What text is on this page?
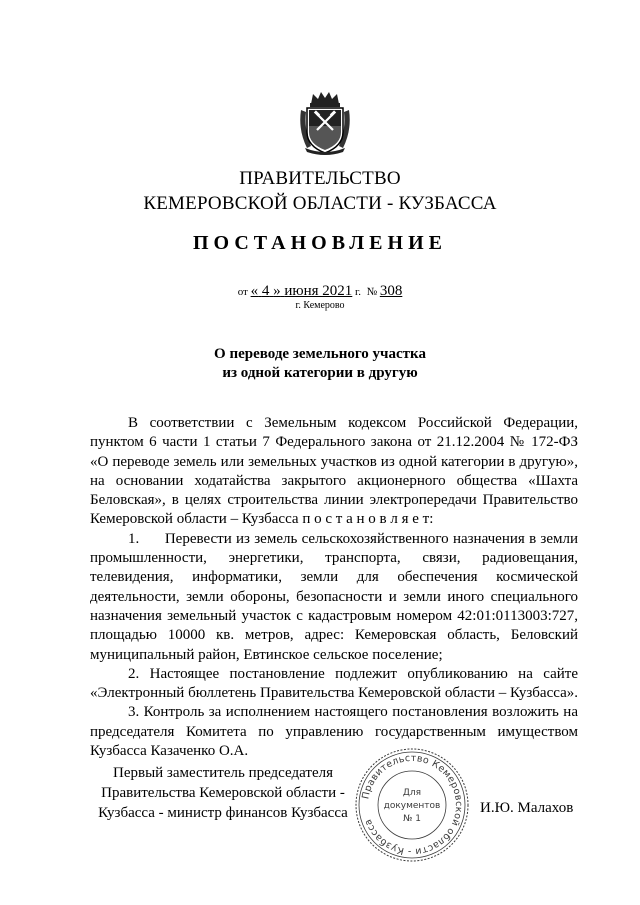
ПРАВИТЕЛЬСТВО
КЕМЕРОВСКОЙ ОБЛАСТИ - КУЗБАССА
ПОСТАНОВЛЕНИЕ
от « 4 » июня 2021 г. № 308
г. Кемерово
О переводе земельного участка
из одной категории в другую

В соответствии с Земельным кодексом Российской Федерации, пунктом 6 части 1 статьи 7 Федерального закона от 21.12.2004 № 172-ФЗ «О переводе земель или земельных участков из одной категории в другую», на основании ходатайства закрытого акционерного общества «Шахта Беловская», в целях строительства линии электропередачи Правительство Кемеровской области – Кузбасса п о с т а н о в л я е т:

1.      Перевести из земель сельскохозяйственного назначения в земли промышленности, энергетики, транспорта, связи, радиовещания, телевидения, информатики, земли для обеспечения космической деятельности, земли обороны, безопасности и земли иного специального назначения земельный участок с кадастровым номером 42:01:0113003:727, площадью 10000 кв. метров, адрес: Кемеровская область, Беловский муниципальный район, Евтинское сельское поселение;

2. Настоящее постановление подлежит опубликованию на сайте «Электронный бюллетень Правительства Кемеровской области – Кузбасса».

3. Контроль за исполнением настоящего постановления возложить на председателя Комитета по управлению государственным имуществом Кузбасса Казаченко О.А.

Первый заместитель председателя
Правительства Кемеровской области -
Кузбасса - министр финансов Кузбасса
Правительство Кемеровской области - Кузбасса
Для
документов
№ 1
И.Ю. Малахов
